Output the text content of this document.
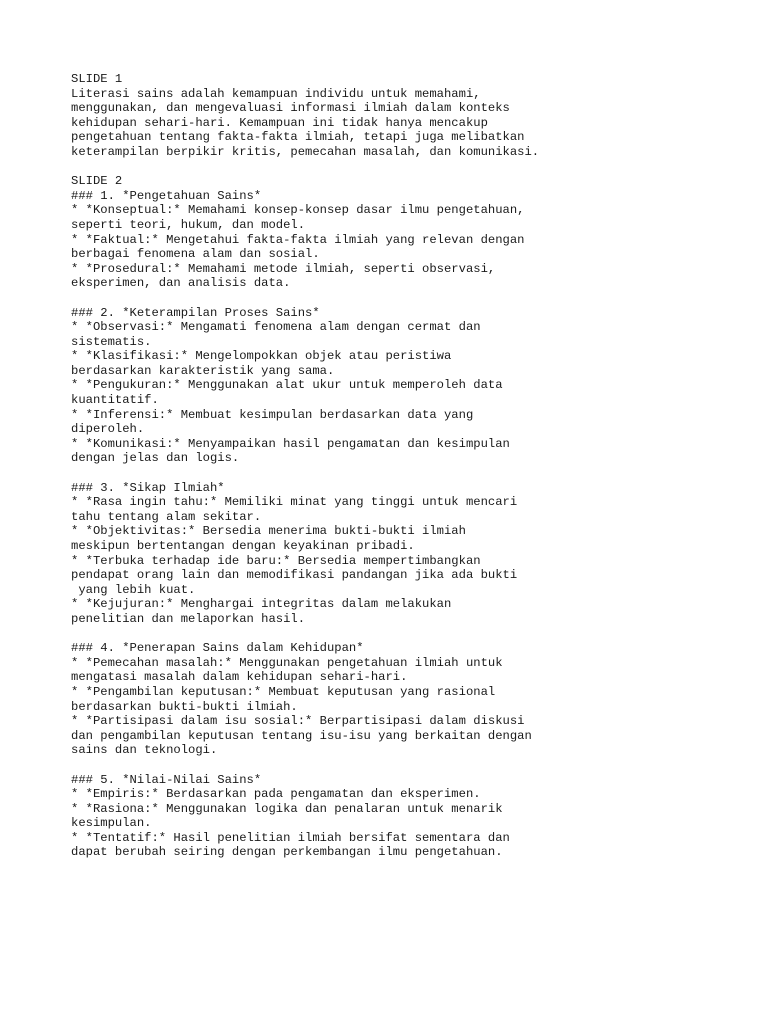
SLIDE 1
Literasi sains adalah kemampuan individu untuk memahami,
menggunakan, dan mengevaluasi informasi ilmiah dalam konteks
kehidupan sehari-hari. Kemampuan ini tidak hanya mencakup
pengetahuan tentang fakta-fakta ilmiah, tetapi juga melibatkan
keterampilan berpikir kritis, pemecahan masalah, dan komunikasi.
SLIDE 2
### 1. *Pengetahuan Sains*
* *Konseptual:* Memahami konsep-konsep dasar ilmu pengetahuan,
seperti teori, hukum, dan model.
* *Faktual:* Mengetahui fakta-fakta ilmiah yang relevan dengan
berbagai fenomena alam dan sosial.
* *Prosedural:* Memahami metode ilmiah, seperti observasi,
eksperimen, dan analisis data.
### 2. *Keterampilan Proses Sains*
* *Observasi:* Mengamati fenomena alam dengan cermat dan
sistematis.
* *Klasifikasi:* Mengelompokkan objek atau peristiwa
berdasarkan karakteristik yang sama.
* *Pengukuran:* Menggunakan alat ukur untuk memperoleh data
kuantitatif.
* *Inferensi:* Membuat kesimpulan berdasarkan data yang
diperoleh.
* *Komunikasi:* Menyampaikan hasil pengamatan dan kesimpulan
dengan jelas dan logis.
### 3. *Sikap Ilmiah*
* *Rasa ingin tahu:* Memiliki minat yang tinggi untuk mencari
tahu tentang alam sekitar.
* *Objektivitas:* Bersedia menerima bukti-bukti ilmiah
meskipun bertentangan dengan keyakinan pribadi.
* *Terbuka terhadap ide baru:* Bersedia mempertimbangkan
pendapat orang lain dan memodifikasi pandangan jika ada bukti
yang lebih kuat.
* *Kejujuran:* Menghargai integritas dalam melakukan
penelitian dan melaporkan hasil.
### 4. *Penerapan Sains dalam Kehidupan*
* *Pemecahan masalah:* Menggunakan pengetahuan ilmiah untuk
mengatasi masalah dalam kehidupan sehari-hari.
* *Pengambilan keputusan:* Membuat keputusan yang rasional
berdasarkan bukti-bukti ilmiah.
* *Partisipasi dalam isu sosial:* Berpartisipasi dalam diskusi
dan pengambilan keputusan tentang isu-isu yang berkaitan dengan
sains dan teknologi.
### 5. *Nilai-Nilai Sains*
* *Empiris:* Berdasarkan pada pengamatan dan eksperimen.
* *Rasiona:* Menggunakan logika dan penalaran untuk menarik
kesimpulan.
* *Tentatif:* Hasil penelitian ilmiah bersifat sementara dan
dapat berubah seiring dengan perkembangan ilmu pengetahuan.
